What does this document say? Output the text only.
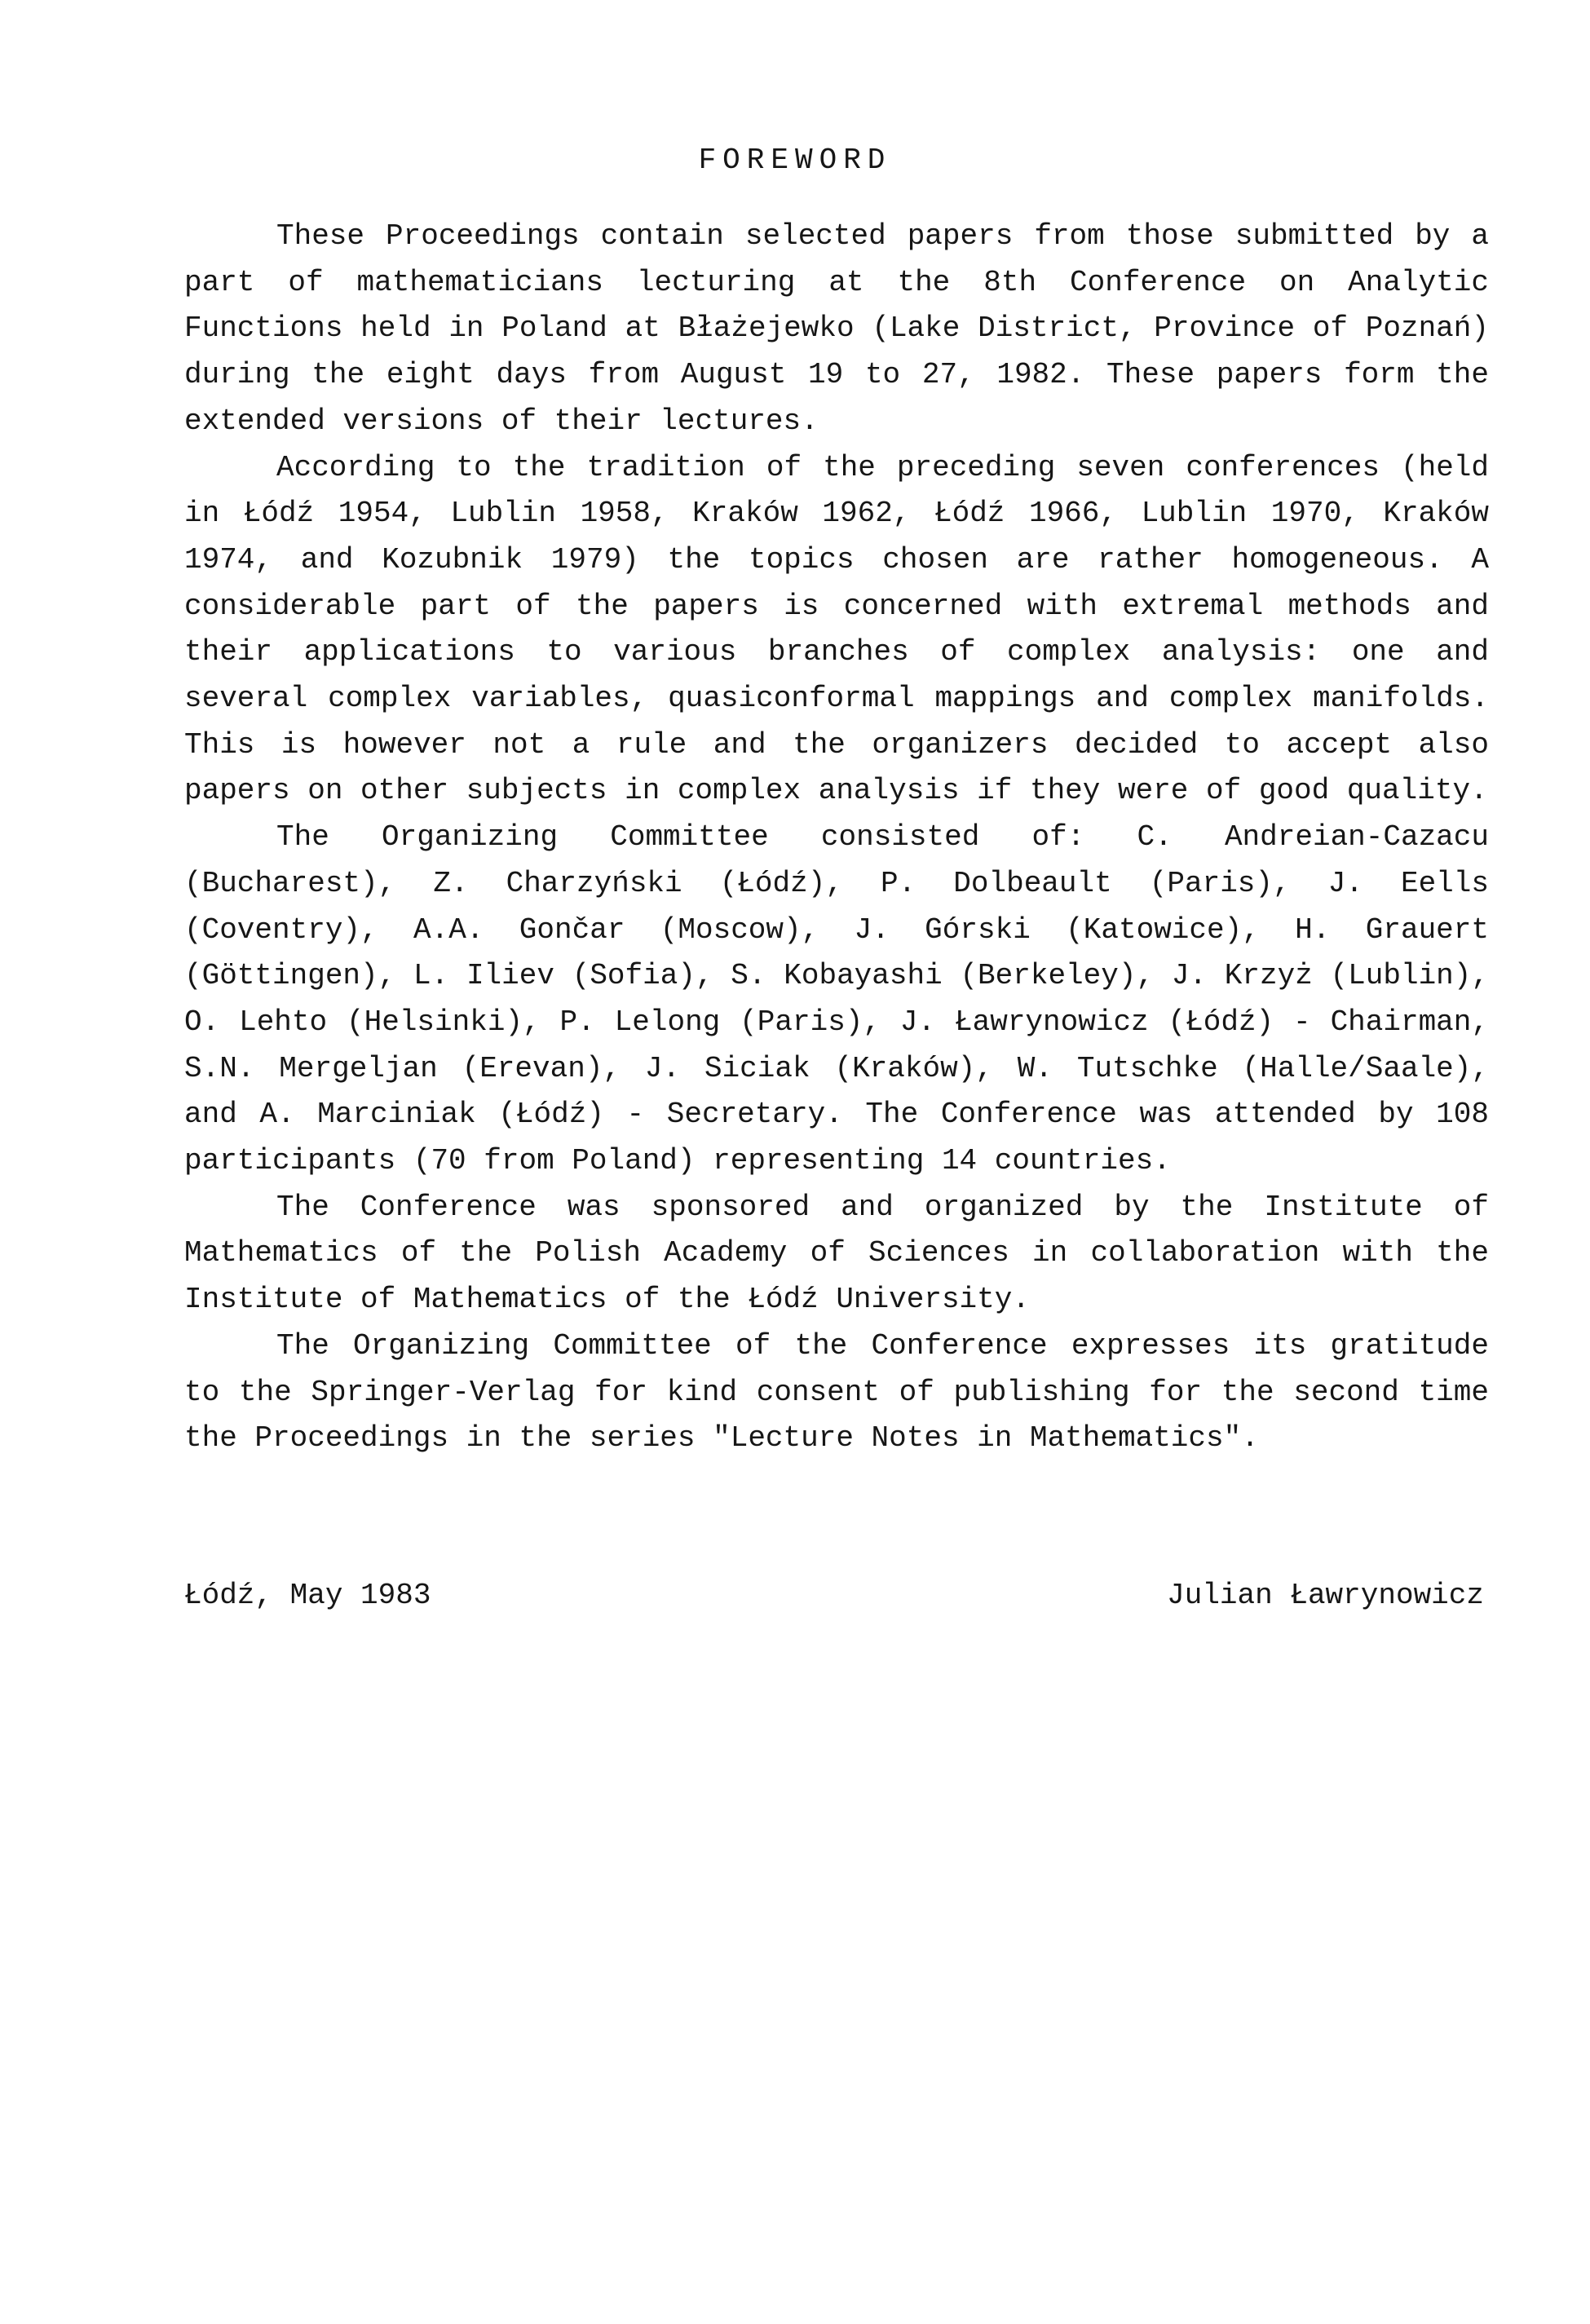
FOREWORD

These Proceedings contain selected papers from those submitted by a part of mathematicians lecturing at the 8th Conference on Analytic Functions held in Poland at Błażejewko (Lake District, Province of Poznań) during the eight days from August 19 to 27, 1982. These papers form the extended versions of their lectures.

According to the tradition of the preceding seven conferences (held in Łódź 1954, Lublin 1958, Kraków 1962, Łódź 1966, Lublin 1970, Kraków 1974, and Kozubnik 1979) the topics chosen are rather homogeneous. A considerable part of the papers is concerned with extremal methods and their applications to various branches of complex analysis: one and several complex variables, quasiconformal mappings and complex manifolds. This is however not a rule and the organizers decided to accept also papers on other subjects in complex analysis if they were of good quality.

The Organizing Committee consisted of: C. Andreian-Cazacu (Bucharest), Z. Charzyński (Łódź), P. Dolbeault (Paris), J. Eells (Coventry), A.A. Gončar (Moscow), J. Górski (Katowice), H. Grauert (Göttingen), L. Iliev (Sofia), S. Kobayashi (Berkeley), J. Krzyż (Lublin), O. Lehto (Helsinki), P. Lelong (Paris), J. Ławrynowicz (Łódź) - Chairman, S.N. Mergeljan (Erevan), J. Siciak (Kraków), W. Tutschke (Halle/Saale), and A. Marciniak (Łódź) - Secretary. The Conference was attended by 108 participants (70 from Poland) representing 14 countries.

The Conference was sponsored and organized by the Institute of Mathematics of the Polish Academy of Sciences in collaboration with the Institute of Mathematics of the Łódź University.

The Organizing Committee of the Conference expresses its gratitude to the Springer-Verlag for kind consent of publishing for the second time the Proceedings in the series "Lecture Notes in Mathematics".

Łódź, May 1983	Julian Ławrynowicz
